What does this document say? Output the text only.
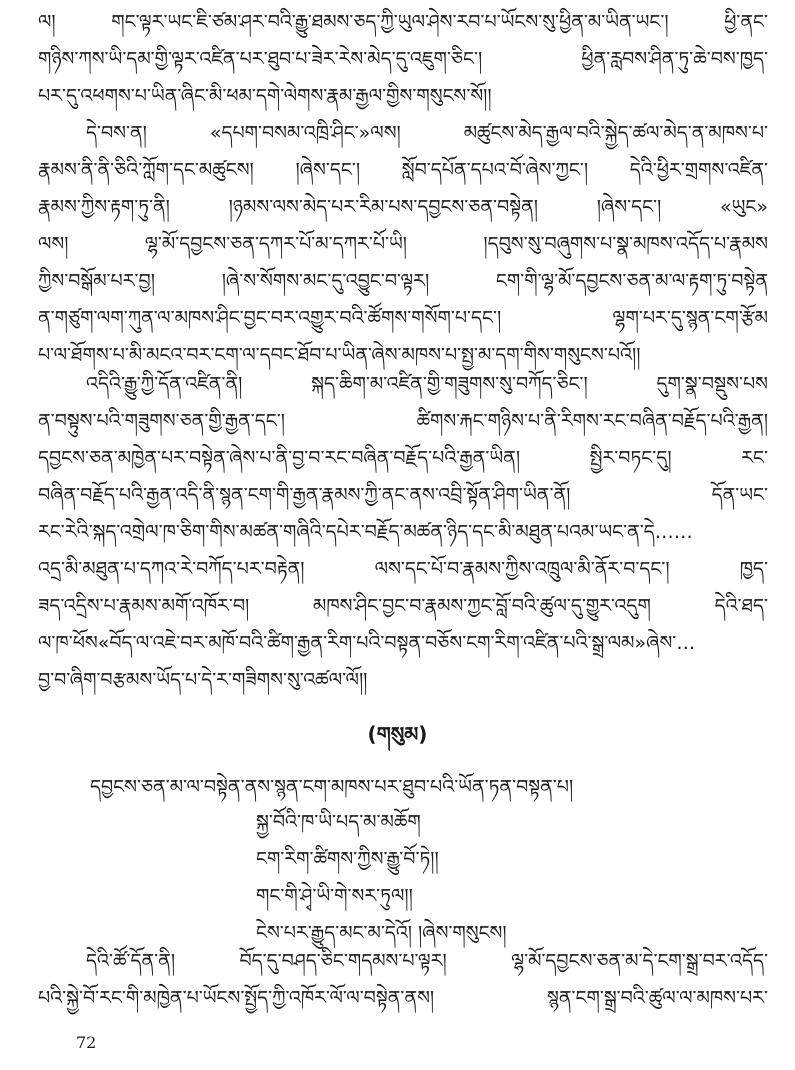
ལ། གང་ལྟར་ཡང་ཇི་ཙམ་ཤར་བའི་རྒྱུ་ཐམས་ཅད་ཀྱི་ཡུལ་ཤེས་རབ་པ་ཡོངས་སུ་ཕྱིན་མ་ཡིན་ཡང་། ཕྱི་ནང་
གཉིས་ཀས་ཡི་དམ་གྱི་ལྟར་འཛིན་པར་ཐུབ་པ་ཟེར་རེས་མེད་དུ་འཇུག་ཅིང་། ཕྱིན་རླབས་ཤིན་ཏུ་ཆེ་བས་ཁྱད་
པར་དུ་འཕགས་པ་ཡིན་ཞིང་མི་ཕམ་དགེ་ལེགས་རྣམ་རྒྱལ་གྱིས་གསུངས་སོ།།
དེ་བས་ན། «དཔག་བསམ་འཁྲི་ཤིང་»ལས། མཚུངས་མེད་རྒྱལ་བའི་སྐྱེད་ཚལ་མེད་ན་མཁས་པ་
རྣམས་ནི་ནི་ཅིའི་ཀློག་དང་མཚུངས། །ཞེས་དང་། སློབ་དཔོན་དཔའ་བོ་ཞེས་ཀྱང་། དེའི་ཕྱིར་གྲགས་འཛིན་
རྣམས་ཀྱིས་རྟག་ཏུ་ནི། །ཉམས་ལས་མེད་པར་རིམ་པས་དབྱངས་ཅན་བསྟེན། །ཞེས་དང་། «ཡུང»
ལས། ལྷ་མོ་དབྱངས་ཅན་དཀར་པོ་མ་དཀར་པོ་ཡི། །དབུས་སུ་བཞུགས་པ་སྣ་མཁས་འདོད་པ་རྣམས
ཀྱིས་བསྒོམ་པར་བྱ། །ཞེ་ས་སོགས་མང་དུ་འབྱུང་བ་ལྟར། ངག་གི་ལྷ་མོ་དབྱངས་ཅན་མ་ལ་རྟག་ཏུ་བསྟེན
ན་གཙུག་ལག་ཀུན་ལ་མཁས་ཤིང་བྱང་བར་འགྱུར་བའི་ཚོགས་གསོག་པ་དང་། ལྷག་པར་དུ་སྙན་ངག་རྩོམ
པ་ལ་ཐོགས་པ་མི་མངའ་བར་ངག་ལ་དབང་ཐོབ་པ་ཡིན་ཞེས་མཁས་པ་སྤྱ་མ་དག་གིས་གསུངས་པའོ།།
འདིའི་རྒྱུ་ཀྱི་དོན་འཛིན་ནི། སྐད་ཆིག་མ་འཛིན་གྱི་གཟུགས་སུ་བཀོད་ཅིང་། དུག་སྣ་བསྡུས་པས
ན་བསྟུས་པའི་གཟུགས་ཅན་གྱི་རྒྱན་དང་། ཚིགས་རྐང་གཉིས་པ་ནི་རིགས་རང་བཞིན་བརྗོད་པའི་རྒྱན།
དབྱངས་ཅན་མཁྱེན་པར་བསྟེན་ཞེས་པ་ནི་བྱ་བ་རང་བཞིན་བརྗོད་པའི་རྒྱན་ཡིན། སྤྱིར་བཏང་དུ། རང་
བཞིན་བརྗོད་པའི་རྒྱན་འདི་ནི་སྙན་ངག་གི་རྒྱན་རྣམས་ཀྱི་ནང་ནས་འབྲི་སྟོན་ཤིག་ཡིན་ནོ། དོན་ཡང་
རང་རེའི་སྐད་འགྲེལ་ཁ་ཅིག་གིས་མཚན་གཞིའི་དཔེར་བརྗོད་མཚན་ཉིད་དང་མི་མཐུན་པའམ་ཡང་ན་དེ……
འདྲ་མི་མཐུན་པ་དཀའ་རེ་བཀོད་པར་བརྟེན། ལས་དང་པོ་བ་རྣམས་ཀྱིས་འཁྲུལ་མི་ནོར་བ་དང་། ཁྱད་
ཟད་འདྲིས་པ་རྣམས་མགོ་འཁོར་བ། མཁས་ཤིང་བྱང་བ་རྣམས་ཀྱང་བློ་བའི་ཚུལ་དུ་གྱུར་འདུག དེའི་ཐད་
ལ་ཁ་ཕོས«བོད་ལ་འཇེ་བར་མཁོ་བའི་ཚིག་རྒྱན་རིག་པའི་བསྟན་བཅོས་ངག་རིག་འཛིན་པའི་སྒྲ་ལམ»ཞེས་…
བྱ་བ་ཞིག་བརྩམས་ཡོད་པ་དེ་ར་གཟིགས་སུ་འཚལ་ལོ།།
(གསུམ)
དབྱངས་ཅན་མ་ལ་བསྟེན་ནས་སྙན་ངག་མཁས་པར་ཐུབ་པའི་ཡོན་ཏན་བསྟན་པ།
སྐྱ་བོའི་ཁ་ཡི་པད་མ་མཆོག
ངག་རིག་ཚིགས་ཀྱིས་རྒྱུ་བོ་ཏེ།།
གང་གི་ཤྭེ་ཡི་གེ་སར་ཏུལ།།
ངེས་པར་རྒྱུད་མང་མ་དེའོ། །ཞེས་གསུངས།
དེའི་ཚོ་དོན་ནི། བོད་དུ་བཤད་ཅིང་གདམས་པ་ལྟར། ལྷ་མོ་དབྱངས་ཅན་མ་དེ་ངག་སྒྲ་བར་འདོད་
པའི་སྐྱེ་བོ་རང་གི་མཁྱེན་པ་ཡོངས་སྤྱོད་ཀྱི་འཁོར་ལོ་ལ་བསྟེན་ནས། སྙན་ངག་སྒྲ་བའི་ཚུལ་ལ་མཁས་པར་
72
